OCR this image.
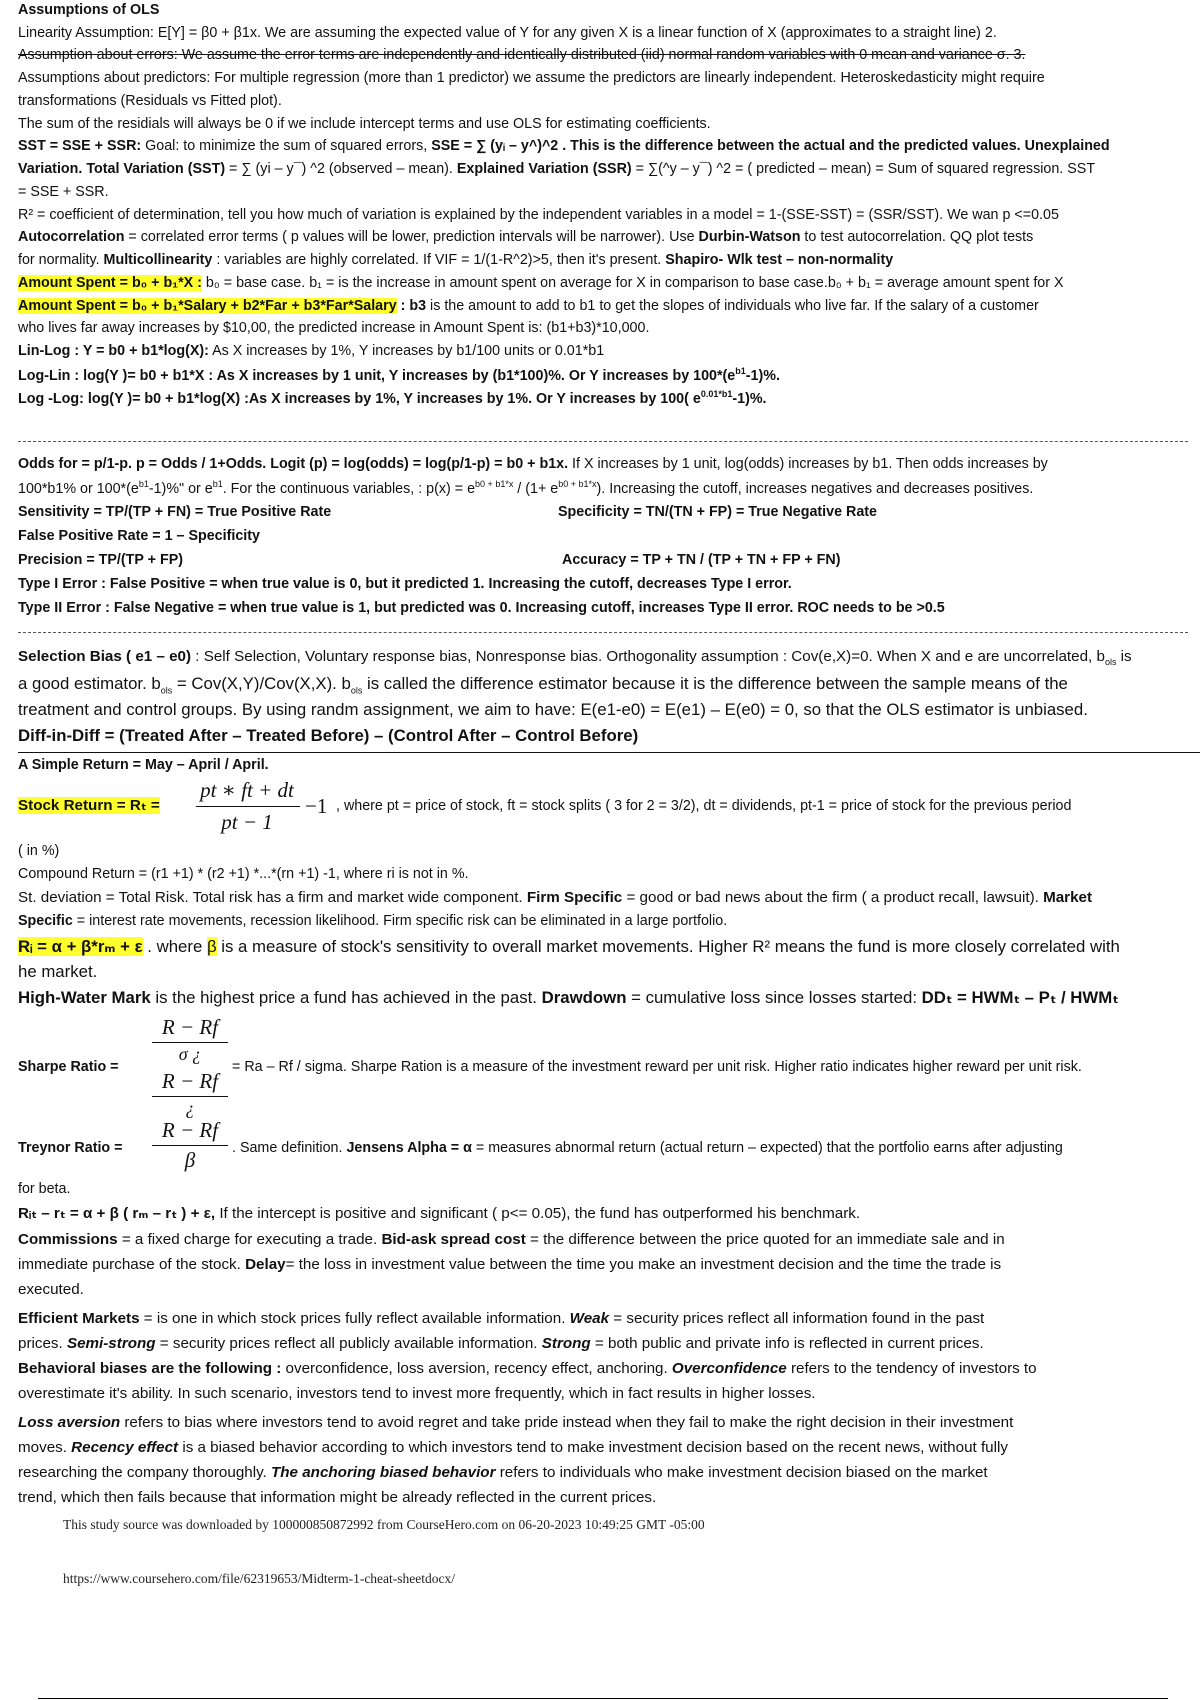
Assumptions of OLS
Linearity Assumption: E[Y] = β0 + β1x. We are assuming the expected value of Y for any given X is a linear function of X (approximates to a straight line) 2.
Assumption about errors: We assume the error terms are independently and identically distributed (iid) normal random variables with 0 mean and variance σ. 3.
Assumptions about predictors: For multiple regression (more than 1 predictor) we assume the predictors are linearly independent. Heteroskedasticity might require
transformations (Residuals vs Fitted plot).
The sum of the residials will always be 0 if we include intercept terms and use OLS for estimating coefficients.
SST = SSE + SSR: Goal: to minimize the sum of squared errors, SSE = ∑ (yᵢ – y^)^2 . This is the difference between the actual and the predicted values. Unexplained
Variation. Total Variation (SST) = ∑ (yi – y¯) ^2 (observed – mean). Explained Variation (SSR) = ∑(^y – y¯) ^2 = ( predicted – mean) = Sum of squared regression. SST
= SSE + SSR.
R² = coefficient of determination, tell you how much of variation is explained by the independent variables in a model = 1-(SSE-SST) = (SSR/SST). We wan p <=0.05
Autocorrelation = correlated error terms ( p values will be lower, prediction intervals will be narrower). Use Durbin-Watson to test autocorrelation. QQ plot tests
for normality. Multicollinearity : variables are highly correlated. If VIF = 1/(1-R^2)>5, then it's present. Shapiro- Wlk test – non-normality
Amount Spent = b₀ + b₁*X : b₀ = base case. b₁ = is the increase in amount spent on average for X in comparison to base case.b₀ + b₁ = average amount spent for X
Amount Spent = b₀ + b₁*Salary + b2*Far + b3*Far*Salary : b3 is the amount to add to b1 to get the slopes of individuals who live far. If the salary of a customer
who lives far away increases by $10,00, the predicted increase in Amount Spent is: (b1+b3)*10,000.
Lin-Log : Y = b0 + b1*log(X): As X increases by 1%, Y increases by b1/100 units or 0.01*b1
Log-Lin : log(Y )= b0 + b1*X : As X increases by 1 unit, Y increases by (b1*100)%. Or Y increases by $100*(e^{b1}-1)\%$.
Log -Log: log(Y )= b0 + b1*log(X) :As X increases by 1%, Y increases by 1%. Or Y increases by 100( $e^{0.01*b1}-1)\%$.
Odds for = p/1-p. p = Odds / 1+Odds. Logit (p) = log(odds) = log(p/1-p) = b0 + b1x. If X increases by 1 unit, log(odds) increases by b1. Then odds increases by
100*b1% or $100*(e^{b1}-1)\%$" or $e^{b1}$. For the continuous variables, : $p(x) = e^{b0 + b1*x} / (1+ e^{b0 + b1*x})$. Increasing the cutoff, increases negatives and decreases positives.
Sensitivity = TP/(TP + FN) = True Positive Rate	Specificity = TN/(TN + FP) = True Negative Rate
False Positive Rate = 1 – Specificity
Precision = TP/(TP + FP)	Accuracy = TP + TN / (TP + TN + FP + FN)
Type I Error : False Positive = when true value is 0, but it predicted 1. Increasing the cutoff, decreases Type I error.
Type II Error : False Negative = when true value is 1, but predicted was 0. Increasing cutoff, increases Type II error. ROC needs to be >0.5
Selection Bias ( e1 – e0) : Self Selection, Voluntary response bias, Nonresponse bias. Orthogonality assumption : Cov(e,X)=0. When X and e are uncorrelated, $b_{ols}$ is
a good estimator. $b_{ols} = Cov(X,Y)/Cov(X,X)$. $b_{ols}$ is called the difference estimator because it is the difference between the sample means of the
treatment and control groups. By using randm assignment, we aim to have: E(e1-e0) = E(e1) – E(e0) = 0, so that the OLS estimator is unbiased.
Diff-in-Diff = (Treated After – Treated Before) – (Control After – Control Before)
A Simple Return = May – April / April.
Stock Return = Rₜ =
pt ∗ ft + dt
pt − 1
−1 , where pt = price of stock, ft = stock splits ( 3 for 2 = 3/2), dt = dividends, pt-1 = price of stock for the previous period
( in %)
Compound Return = (r1 +1) * (r2 +1) *...*(rn +1) -1, where ri is not in %.
St. deviation = Total Risk. Total risk has a firm and market wide component. Firm Specific = good or bad news about the firm ( a product recall, lawsuit). Market
Specific = interest rate movements, recession likelihood. Firm specific risk can be eliminated in a large portfolio.
Rᵢ = α + β*rₘ + ε . where β is a measure of stock's sensitivity to overall market movements. Higher R² means the fund is more closely correlated with
he market.
High-Water Mark is the highest price a fund has achieved in the past. Drawdown = cumulative loss since losses started: DDₜ = HWMₜ – Pₜ / HWMₜ
R − Rf
σ ¿
Sharpe Ratio =	= Ra – Rf / sigma. Sharpe Ration is a measure of the investment reward per unit risk. Higher ratio indicates higher reward per unit risk.
R − Rf
¿
R − Rf
β
Treynor Ratio =	. Same definition. Jensens Alpha = α = measures abnormal return (actual return – expected) that the portfolio earns after adjusting
for beta.
Rᵢₜ – rₜ = α + β ( rₘ – rₜ ) + ε, If the intercept is positive and significant ( p<= 0.05), the fund has outperformed his benchmark.
Commissions = a fixed charge for executing a trade. Bid-ask spread cost = the difference between the price quoted for an immediate sale and in
immediate purchase of the stock. Delay= the loss in investment value between the time you make an investment decision and the time the trade is
executed.
Efficient Markets = is one in which stock prices fully reflect available information. Weak = security prices reflect all information found in the past
prices. Semi-strong = security prices reflect all publicly available information. Strong = both public and private info is reflected in current prices.
Behavioral biases are the following : overconfidence, loss aversion, recency effect, anchoring. Overconfidence refers to the tendency of investors to
overestimate it's ability. In such scenario, investors tend to invest more frequently, which in fact results in higher losses.
Loss aversion refers to bias where investors tend to avoid regret and take pride instead when they fail to make the right decision in their investment
moves. Recency effect is a biased behavior according to which investors tend to make investment decision based on the recent news, without fully
researching the company thoroughly. The anchoring biased behavior refers to individuals who make investment decision biased on the market
trend, which then fails because that information might be already reflected in the current prices.
This study source was downloaded by 100000850872992 from CourseHero.com on 06-20-2023 10:49:25 GMT -05:00
https://www.coursehero.com/file/62319653/Midterm-1-cheat-sheetdocx/
